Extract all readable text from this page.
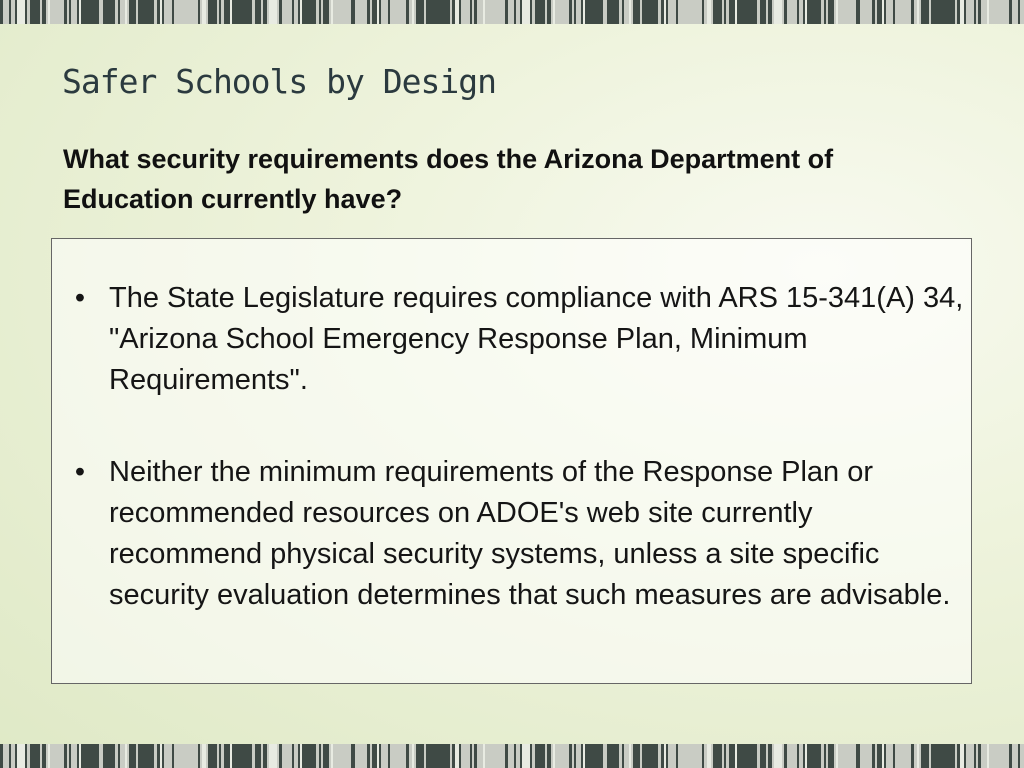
Safer Schools by Design
What security requirements does the Arizona Department of Education currently have?
• The State Legislature requires compliance with ARS 15-341(A) 34, "Arizona School Emergency Response Plan, Minimum Requirements".
• Neither the minimum requirements of the Response Plan or recommended resources on ADOE's web site currently recommend physical security systems, unless a site specific security evaluation determines that such measures are advisable.
